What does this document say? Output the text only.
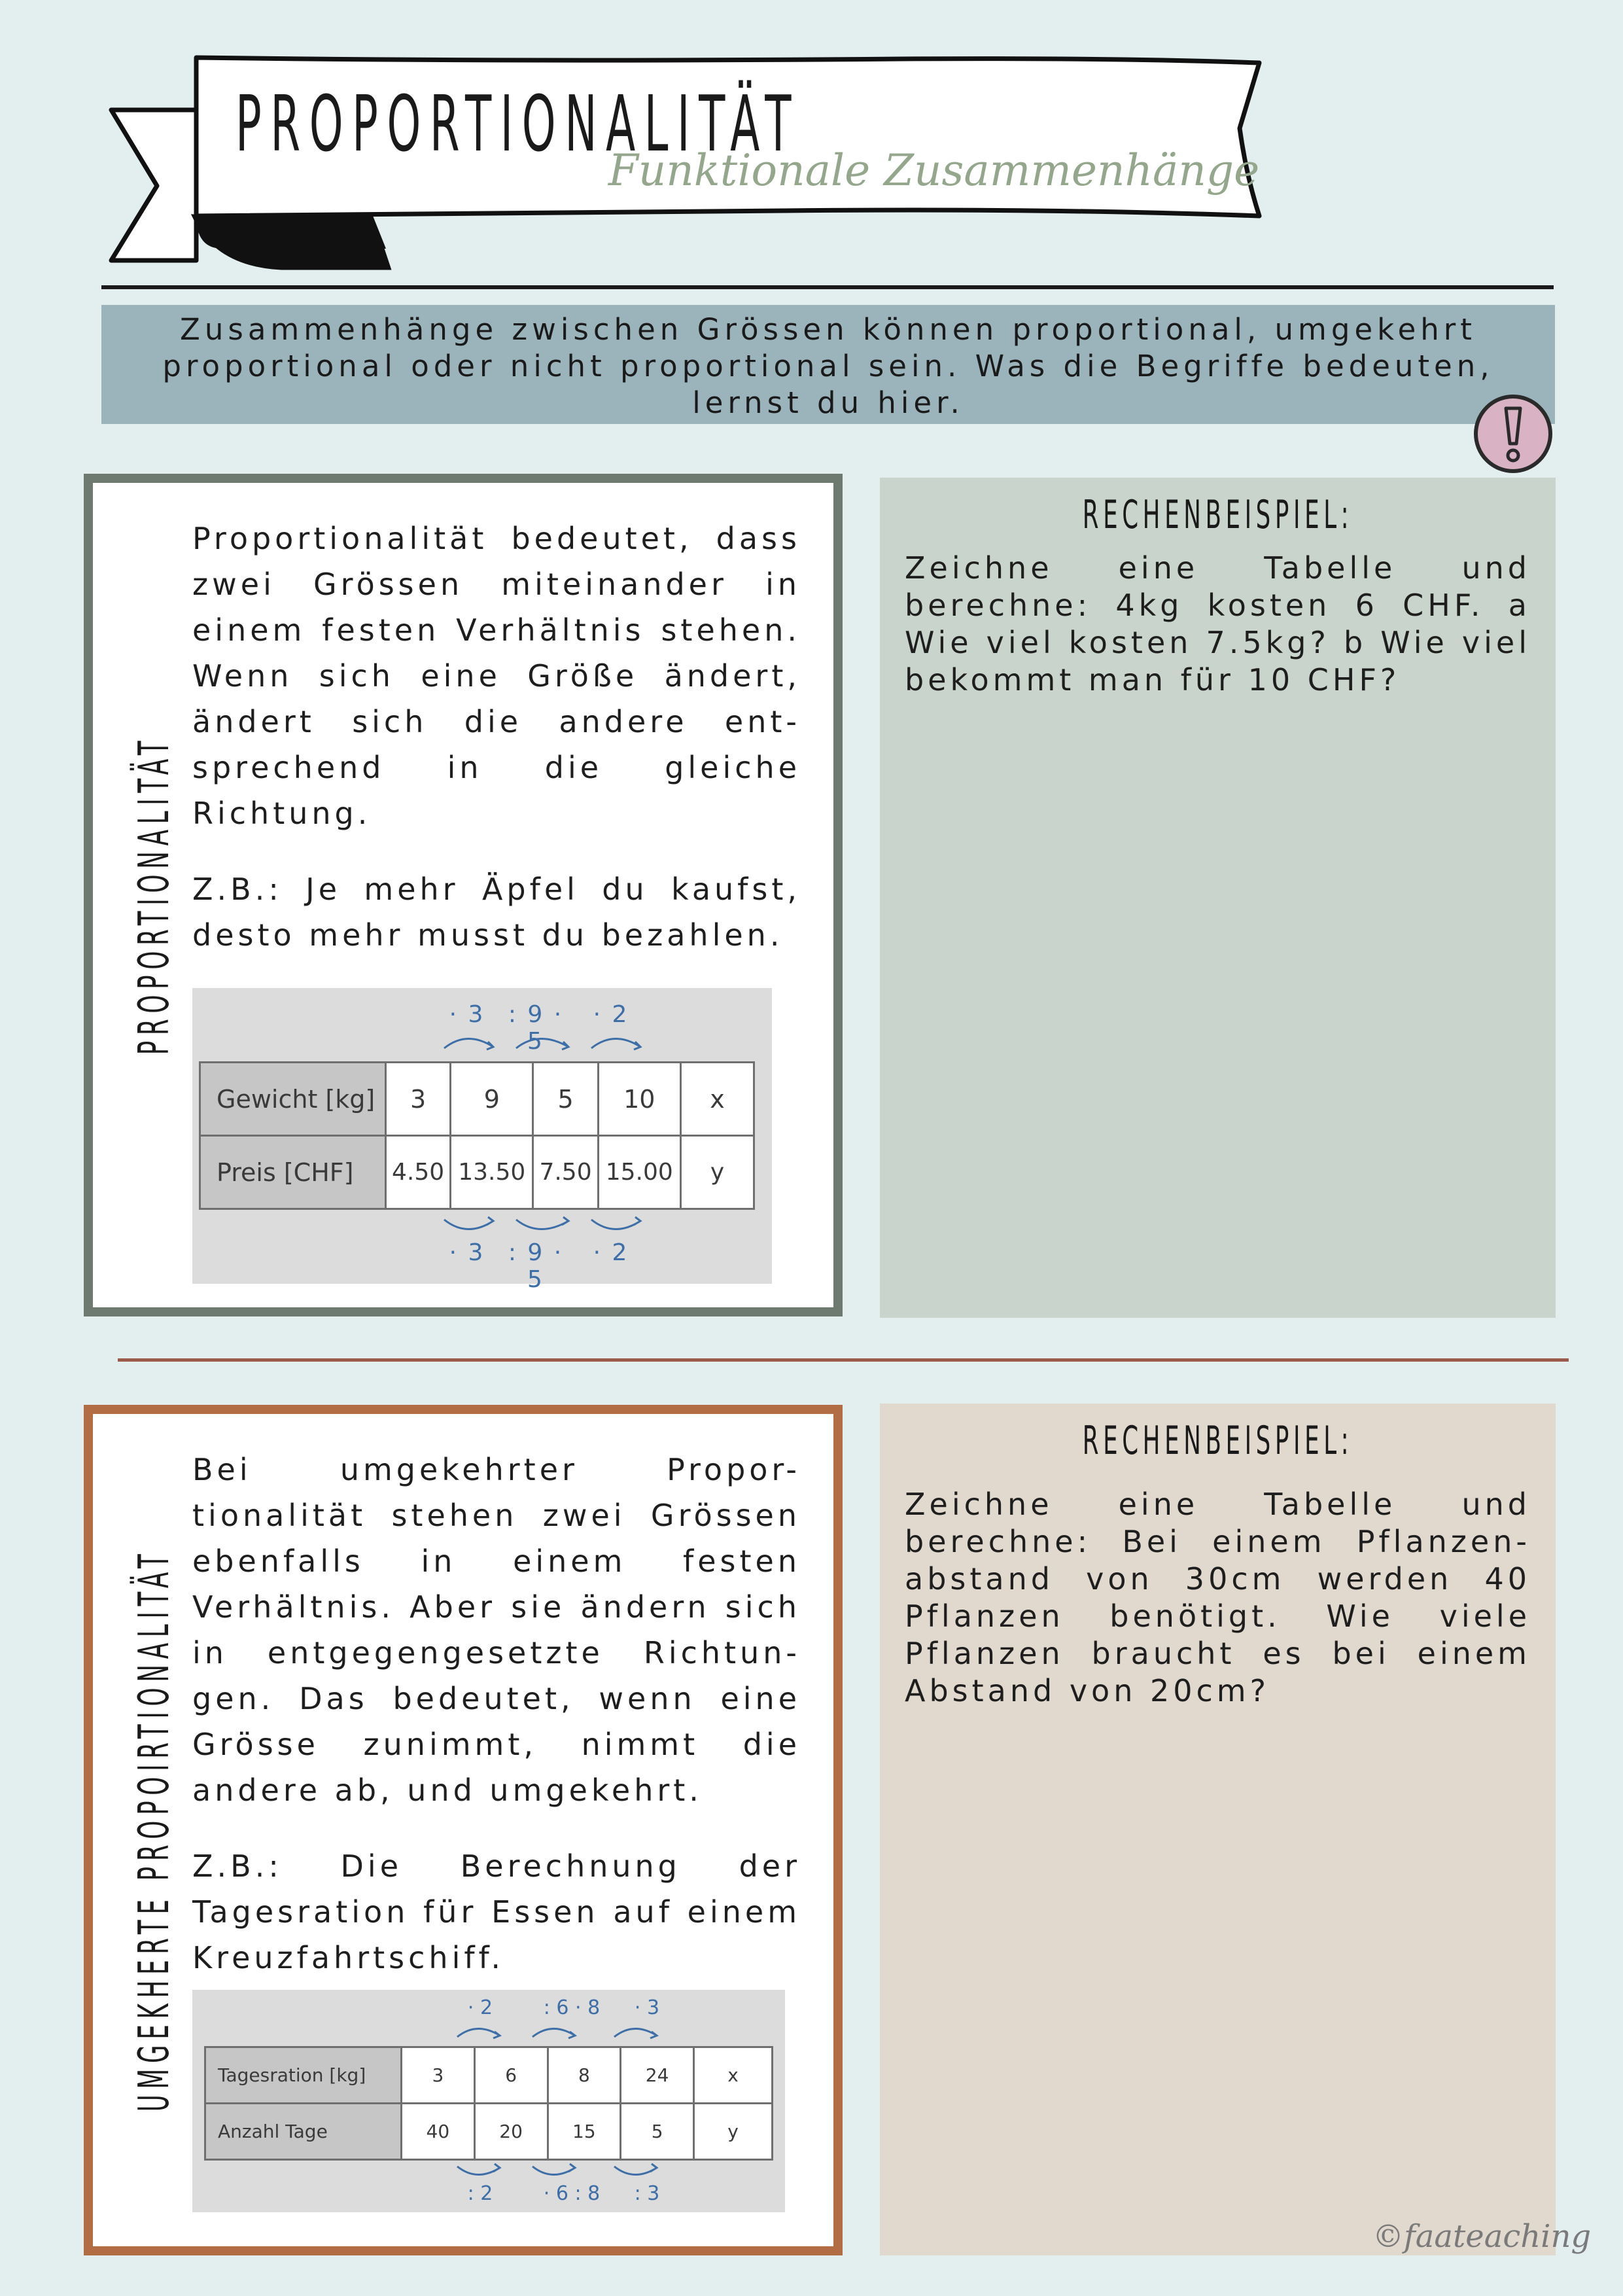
PROPORTIONALITÄT
Funktionale Zusammenhänge
Zusammenhänge zwischen Grössen können proportional, umgekehrt proportional oder nicht proportional sein. Was die Begriffe bedeuten, lernst du hier.
PROPORTIONALITÄT

Proportionalität bedeutet, dass zwei Grössen miteinander in einem festen Verhältnis stehen. Wenn sich eine Größe ändert, ändert sich die andere ent-sprechend in die gleiche Richtung.

Z.B.: Je mehr Äpfel du kaufst, desto mehr musst du bezahlen.

· 3 : 9 · 5
· 2
Gewicht [kg]	3	9	5	10	x
Preis [CHF]	4.50	13.50	7.50	15.00	y
· 3 : 9 · 5
· 2
RECHENBEISPIEL:
Zeichne eine Tabelle und berechne: 4kg kosten 6 CHF. a Wie viel kosten 7.5kg? b Wie viel bekommt man für 10 CHF?
UMGEKHERTE PROPOIRTIONALITÄT

Bei umgekehrter Propor-tionalität stehen zwei Grössen ebenfalls in einem festen Verhältnis. Aber sie ändern sich in entgegengesetzte Richtun-gen. Das bedeutet, wenn eine Grösse zunimmt, nimmt die andere ab, und umgekehrt.

Z.B.: Die Berechnung der Tagesration für Essen auf einem Kreuzfahrtschiff.

· 2	: 6 · 8	· 3
Tagesration [kg]	3	6	8	24	x
Anzahl Tage	40	20	15	5	y
: 2	· 6 : 8	: 3
RECHENBEISPIEL:
Zeichne eine Tabelle und berechne: Bei einem Pflanzen-abstand von 30cm werden 40 Pflanzen benötigt. Wie viele Pflanzen braucht es bei einem Abstand von 20cm?
©faateaching
